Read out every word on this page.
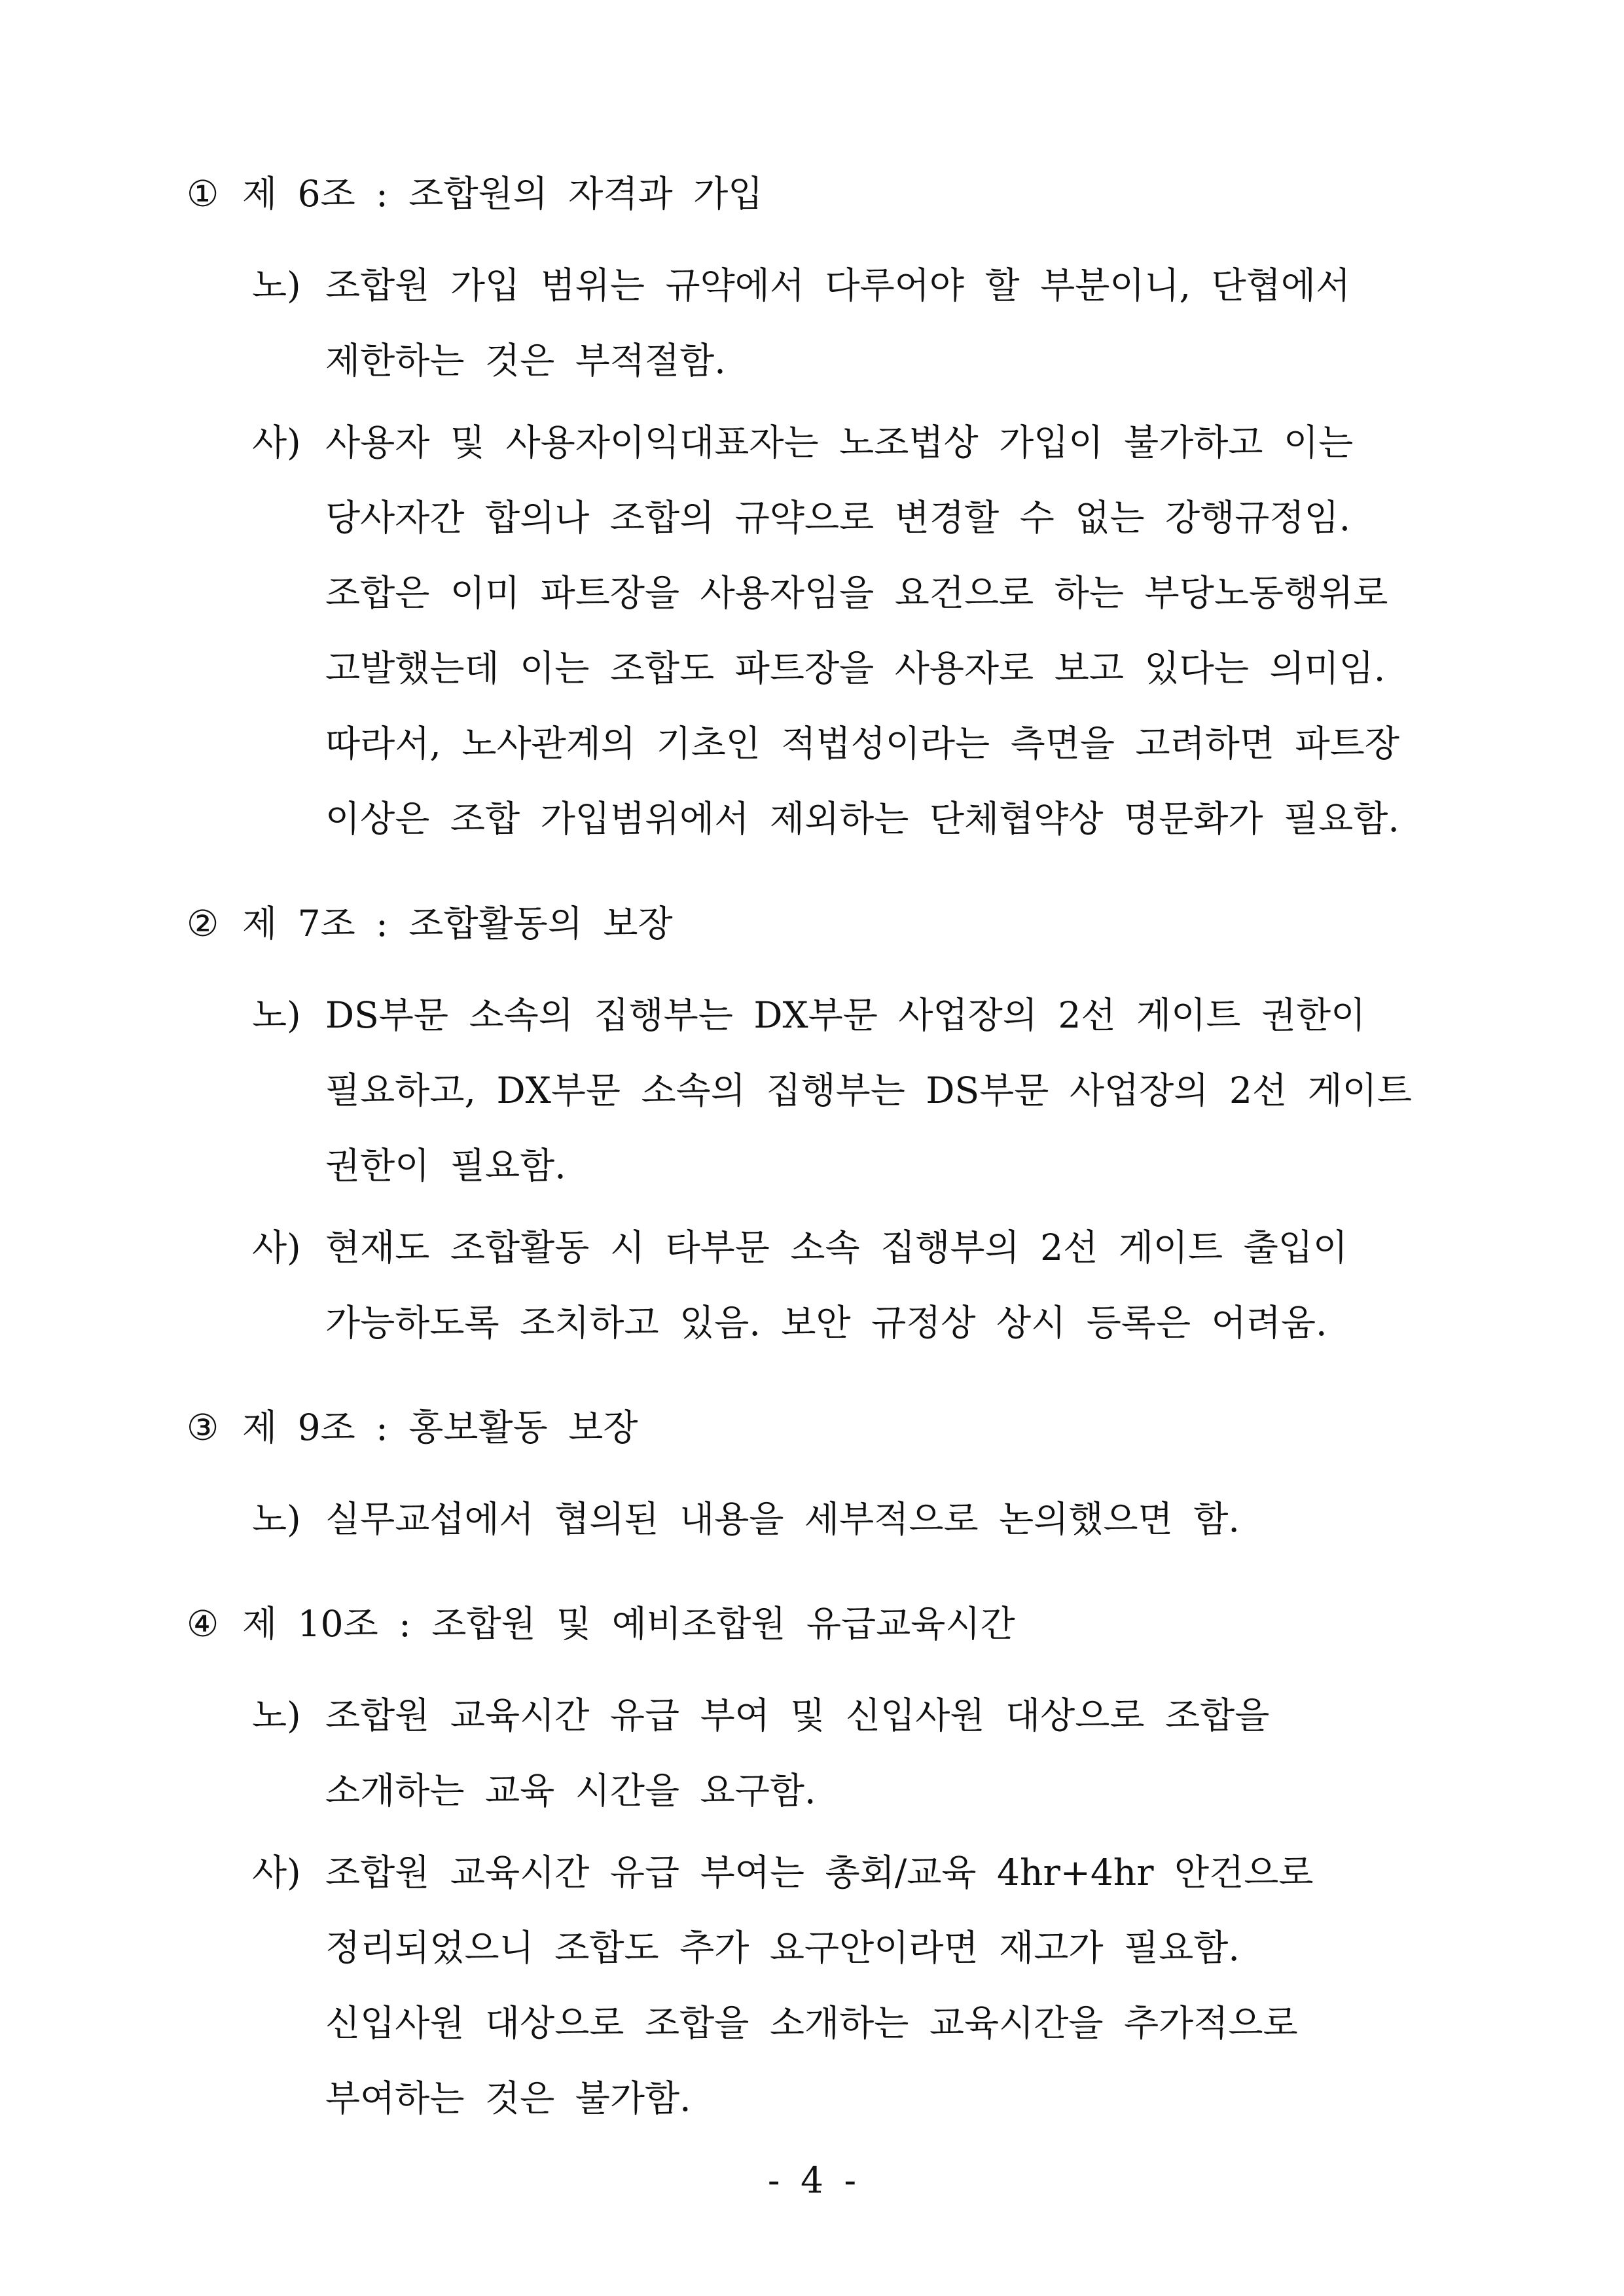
① 제 6조 : 조합원의 자격과 가입
노) 조합원 가입 범위는 규약에서 다루어야 할 부분이니, 단협에서
제한하는 것은 부적절함.
사) 사용자 및 사용자이익대표자는 노조법상 가입이 불가하고 이는
당사자간 합의나 조합의 규약으로 변경할 수 없는 강행규정임.
조합은 이미 파트장을 사용자임을 요건으로 하는 부당노동행위로
고발했는데 이는 조합도 파트장을 사용자로 보고 있다는 의미임.
따라서, 노사관계의 기초인 적법성이라는 측면을 고려하면 파트장
이상은 조합 가입범위에서 제외하는 단체협약상 명문화가 필요함.
② 제 7조 : 조합활동의 보장
노) DS부문 소속의 집행부는 DX부문 사업장의 2선 게이트 권한이
필요하고, DX부문 소속의 집행부는 DS부문 사업장의 2선 게이트
권한이 필요함.
사) 현재도 조합활동 시 타부문 소속 집행부의 2선 게이트 출입이
가능하도록 조치하고 있음. 보안 규정상 상시 등록은 어려움.
③ 제 9조 : 홍보활동 보장
노) 실무교섭에서 협의된 내용을 세부적으로 논의했으면 함.
④ 제 10조 : 조합원 및 예비조합원 유급교육시간
노) 조합원 교육시간 유급 부여 및 신입사원 대상으로 조합을
소개하는 교육 시간을 요구함.
사) 조합원 교육시간 유급 부여는 총회/교육 4hr+4hr 안건으로
정리되었으니 조합도 추가 요구안이라면 재고가 필요함.
신입사원 대상으로 조합을 소개하는 교육시간을 추가적으로
부여하는 것은 불가함.
- 4 -
